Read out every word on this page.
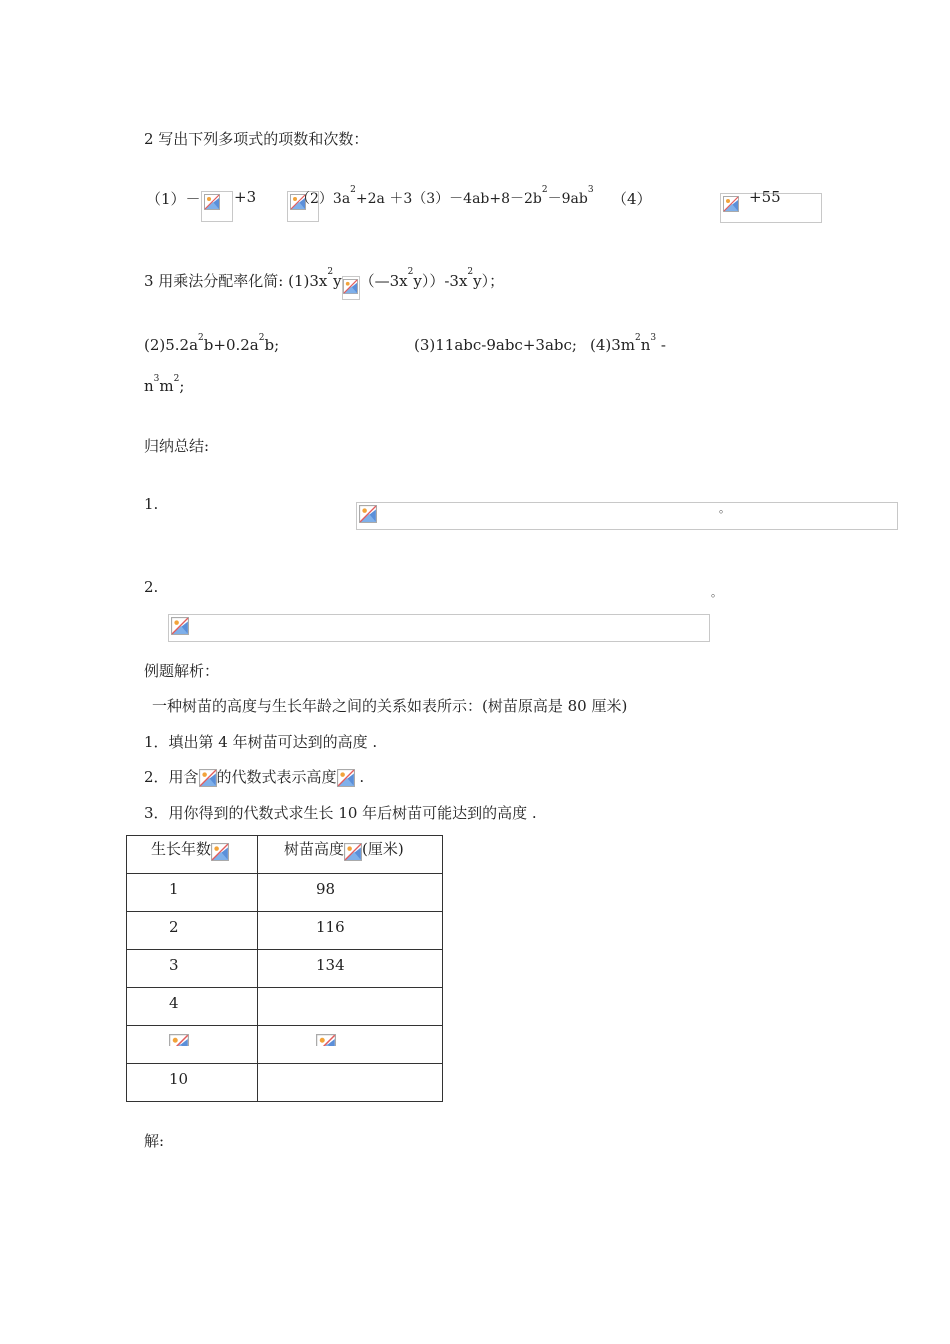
2 写出下列多项式的项数和次数：
（1）－
+3
	$(2)3a^2+2a +3(3)-4ab+8-2b^2-9ab^3$ （4）
	+55
3 用乘法分配率化简: $(1)3x^2y$ $(—3x^2y))-3x^2y$）；
$(2)5.2a^2b+0.2a^2b$;	(3)11abc-9abc+3abc; $(4)3m^2n^3$ -
$n^3m^2$;
归纳总结:
1.
	。
2.	。
例题解析：
一种树苗的高度与生长年龄之间的关系如表所示：(树苗原高是 80 厘米)
1．填出第 4 年树苗可达到的高度 .
2．用含 的代数式表示高度 .
3．用你得到的代数式求生长 10 年后树苗可能达到的高度 .
生长年数	树苗高度 (厘米)

1	98

2	116

3	134

4	

10	

解:
